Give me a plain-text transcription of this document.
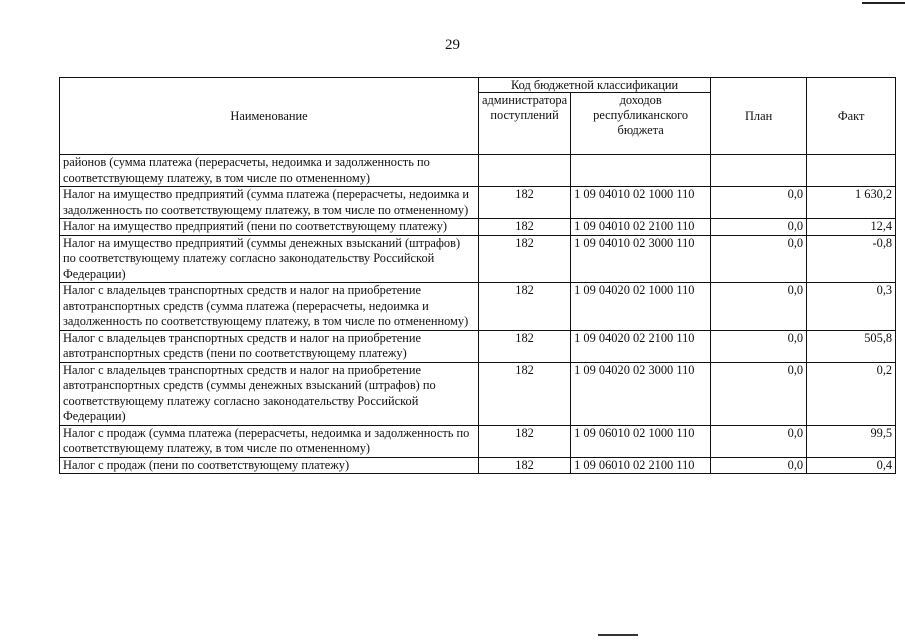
29
Наименование	Код бюджетной классификации		План	Факт
	администратора поступлений	доходов республиканского бюджета		
районов (сумма платежа (перерасчеты, недоимка и задолженность по соответствующему платежу, в том числе по отмененному)				
Налог на имущество предприятий (сумма платежа (перерасчеты, недоимка и задолженность по соответствующему платежу, в том числе по отмененному)	182	1 09 04010 02 1000 110	0,0	1 630,2
Налог на имущество предприятий (пени по соответствующему платежу)	182	1 09 04010 02 2100 110	0,0	12,4
Налог на имущество предприятий (суммы денежных взысканий (штрафов) по соответствующему платежу согласно законодательству Российской Федерации)	182	1 09 04010 02 3000 110	0,0	-0,8
Налог с владельцев транспортных средств и налог на приобретение автотранспортных средств (сумма платежа (перерасчеты, недоимка и задолженность по соответствующему платежу, в том числе по отмененному)	182	1 09 04020 02 1000 110	0,0	0,3
Налог с владельцев транспортных средств и налог на приобретение автотранспортных средств (пени по соответствующему платежу)	182	1 09 04020 02 2100 110	0,0	505,8
Налог с владельцев транспортных средств и налог на приобретение автотранспортных средств (суммы денежных взысканий (штрафов) по соответствующему платежу согласно законодательству Российской Федерации)	182	1 09 04020 02 3000 110	0,0	0,2
Налог с продаж (сумма платежа (перерасчеты, недоимка и задолженность по соответствующему платежу, в том числе по отмененному)	182	1 09 06010 02 1000 110	0,0	99,5
Налог с продаж (пени по соответствующему платежу)	182	1 09 06010 02 2100 110	0,0	0,4
